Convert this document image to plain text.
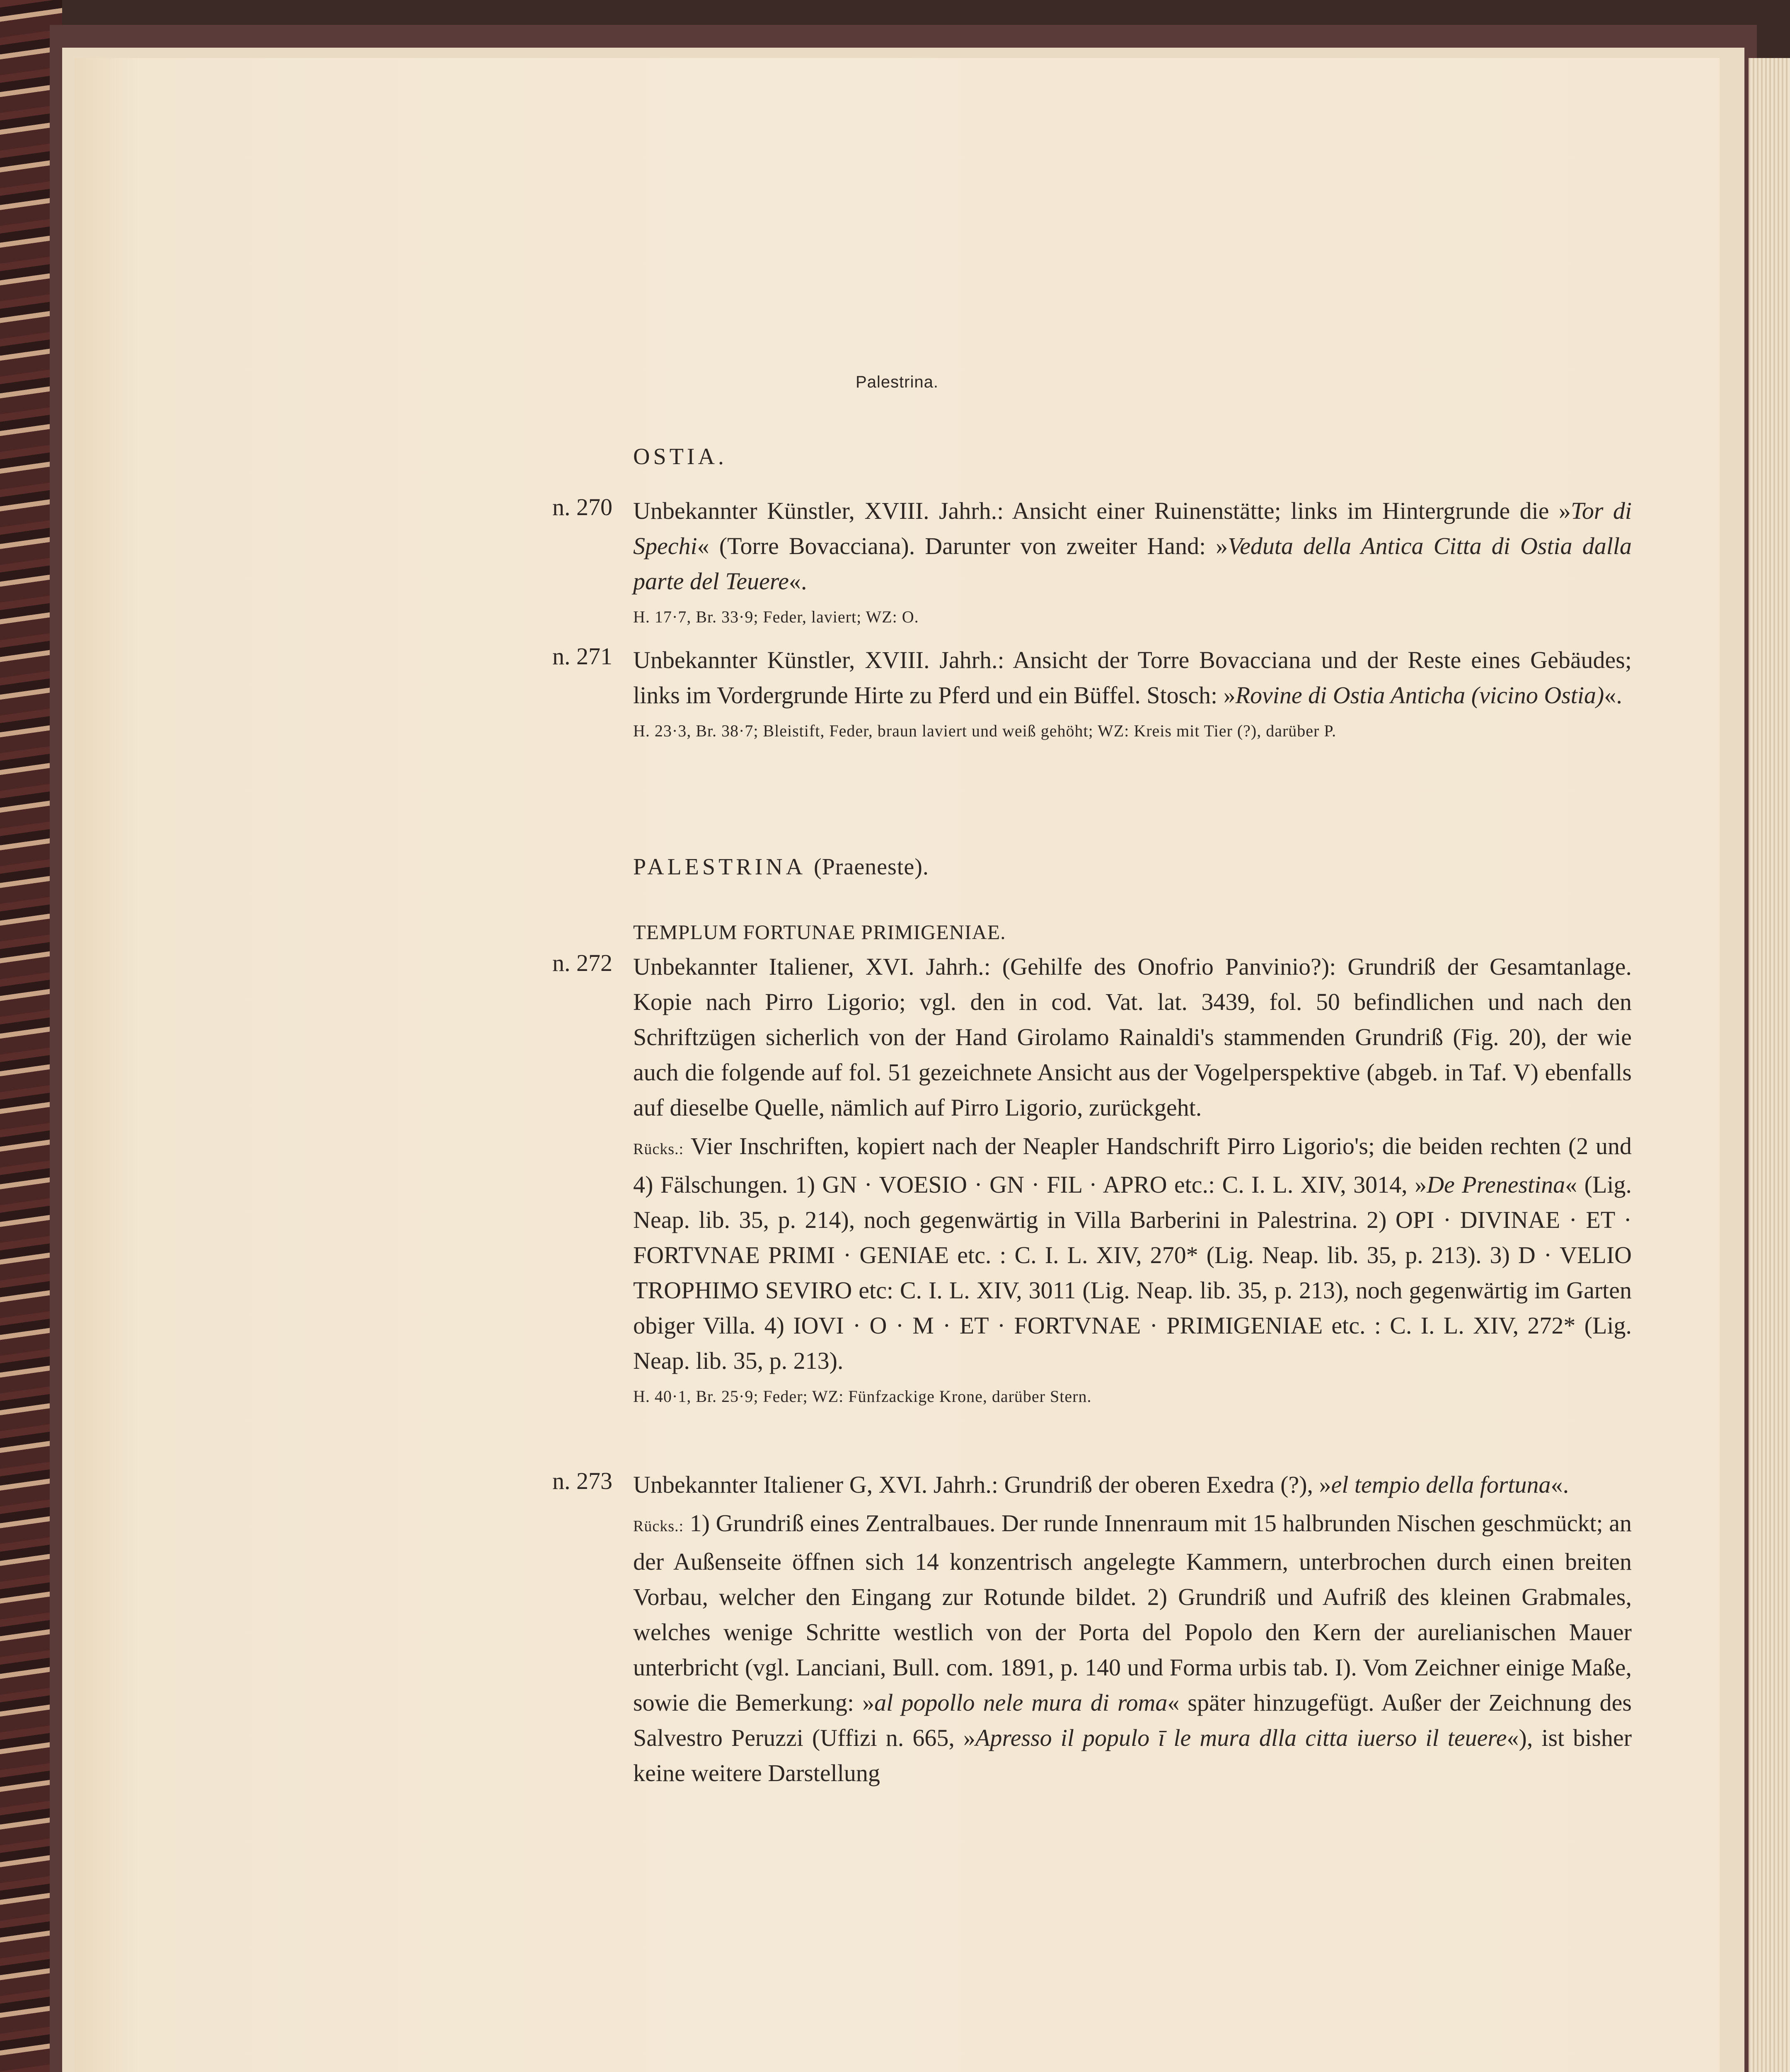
Palestrina.
OSTIA.
n. 270 Unbekannter Künstler, XVIII. Jahrh.: Ansicht einer Ruinenstätte; links im Hintergrunde die »Tor di Spechi« (Torre Bovacciana). Darunter von zweiter Hand: »Veduta della Antica Citta di Ostia dalla parte del Teuere«.
H. 17·7, Br. 33·9; Feder, laviert; WZ: O.
n. 271 Unbekannter Künstler, XVIII. Jahrh.: Ansicht der Torre Bovacciana und der Reste eines Gebäudes; links im Vordergrunde Hirte zu Pferd und ein Büffel. Stosch: »Rovine di Ostia Anticha (vicino Ostia)«.
H. 23·3, Br. 38·7; Bleistift, Feder, braun laviert und weiß gehöht; WZ: Kreis mit Tier (?), darüber P.
PALESTRINA (Praeneste).
TEMPLUM FORTUNAE PRIMIGENIAE.
n. 272 Unbekannter Italiener, XVI. Jahrh.: (Gehilfe des Onofrio Panvinio?): Grundriß der Gesamtanlage. Kopie nach Pirro Ligorio; vgl. den in cod. Vat. lat. 3439, fol. 50 befindlichen und nach den Schriftzügen sicherlich von der Hand Girolamo Rainaldi's stammenden Grundriß (Fig. 20), der wie auch die folgende auf fol. 51 gezeichnete Ansicht aus der Vogelperspektive (abgeb. in Taf. V) ebenfalls auf dieselbe Quelle, nämlich auf Pirro Ligorio, zurückgeht.
Rücks.: Vier Inschriften, kopiert nach der Neapler Handschrift Pirro Ligorio's; die beiden rechten (2 und 4) Fälschungen. 1) GN · VOESIO · GN · FIL · APRO etc.: C. I. L. XIV, 3014, »De Prenestina« (Lig. Neap. lib. 35, p. 214), noch gegenwärtig in Villa Barberini in Palestrina. 2) OPI · DIVINAE · ET · FORTVNAE PRIMI · GENIAE etc. : C. I. L. XIV, 270* (Lig. Neap. lib. 35, p. 213). 3) D · VELIO TROPHIMO SEVIRO etc: C. I. L. XIV, 3011 (Lig. Neap. lib. 35, p. 213), noch gegenwärtig im Garten obiger Villa. 4) IOVI · O · M · ET · FORTVNAE · PRIMIGENIAE etc. : C. I. L. XIV, 272* (Lig. Neap. lib. 35, p. 213).
H. 40·1, Br. 25·9; Feder; WZ: Fünfzackige Krone, darüber Stern.
n. 273 Unbekannter Italiener G, XVI. Jahrh.: Grundriß der oberen Exedra (?), »el tempio della fortuna«.
Rücks.: 1) Grundriß eines Zentralbaues. Der runde Innenraum mit 15 halbrunden Nischen geschmückt; an der Außenseite öffnen sich 14 konzentrisch angelegte Kammern, unterbrochen durch einen breiten Vorbau, welcher den Eingang zur Rotunde bildet. 2) Grundriß und Aufriß des kleinen Grabmales, welches wenige Schritte westlich von der Porta del Popolo den Kern der aurelianischen Mauer unterbricht (vgl. Lanciani, Bull. com. 1891, p. 140 und Forma urbis tab. I). Vom Zeichner einige Maße, sowie die Bemerkung: »al popollo nele mura di roma« später hinzugefügt. Außer der Zeichnung des Salvestro Peruzzi (Uffizi n. 665, »Apresso il populo ī le mura dlla citta iuerso il teuere«), ist bisher keine weitere Darstellung
